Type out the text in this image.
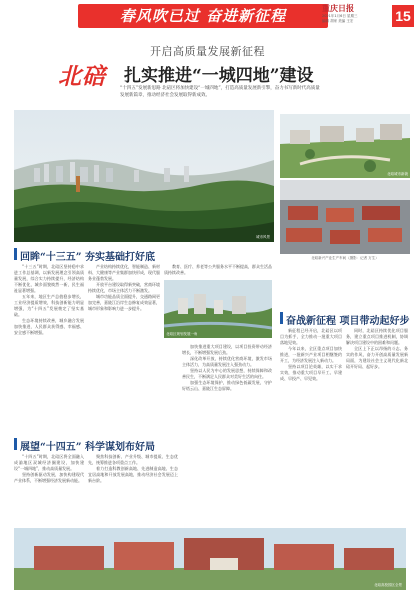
春风吹已过 奋进新征程	重庆日报
2021年1月6日 星期三
编辑 胡家 美编 王宏	15
开启高质量发展新征程
北碚 扎实推进“一城四地”建设
“十四五”发展新思路 北碚区将加快建设“一城四地”，打造高质量发展新引擎，奋力书写新时代高质量发展新篇章，推动经济社会发展取得新成效。
城市风景
北碚城市新貌
北碚新兴产业生产车间（摄影：记者 万生）
回眸“十三五” 夯实基础打好底

“十三五”时期，北碚区坚持稳中求进工作总基调，以新发展理念引领高质量发展，综合实力持续提升，经济结构不断优化，城乡面貌焕然一新，民生福祉显著增强。

五年来，地区生产总值稳步增长，工业经济提质增效，科技创新能力明显增强，为“十四五”发展奠定了坚实基础。

生态环境持续改善，城乡融合发展加快推进，人民群众获得感、幸福感、安全感不断增强。

产业结构持续优化，智能制造、新材料、大健康等产业集群加快形成，现代服务业蓬勃发展。

开放平台建设取得新突破，营商环境持续优化，市场主体活力不断激发。

城市功能品质全面提升，交通路网更加完善，嘉陵江沿岸生态修复成效显著，城市形象和影响力进一步提升。

教育、医疗、养老等公共服务水平不断提高，群众生活品质持续改善。

北碚区规划发展一角
展望“十四五” 科学谋划布好局

“十四五”时期，北碚区将全面融入成渝地区双城经济圈建设，加快建设“一城四地”，推动高质量发展。

坚持创新驱动发展，加快构建现代产业体系，不断增强经济发展新动能。

聚焦科技创新、产业升级、城市提质、生态优先，统筹推进各项重点工作。

着力打造科教创新高地、先进制造高地、生态宜居高地和开放发展高地，推动经济社会发展迈上新台阶。

加快推进重大项目建设，以项目投资带动经济增长，不断增强发展后劲。

深化改革开放，持续优化营商环境，激发市场主体活力，为高质量发展注入强劲动力。

坚持以人民为中心的发展思想，持续保障和改善民生，不断满足人民群众对美好生活的向往。

加强生态环境保护，推动绿色低碳发展，守护好缙云山、嘉陵江生态屏障。

奋战新征程 项目带动起好步

新征程已经开启，北碚区以项目为抓手，全力推动一批重大项目落地见效。

今年以来，全区重点项目加快推进，一批新兴产业项目相继签约开工，为经济发展注入新动力。

坚持以项目论英雄，以实干求实效，推动重大项目早开工、早建成、早投产、早见效。

同时，北碚区持续优化项目服务，建立重点项目推进机制，协调解决项目建设中的困难和问题。

全区上下正以昂扬的斗志、务实的作风，奋力开创高质量发展新局面，为建设社会主义现代化新北碚开好局、起好步。

北碚高校园区全景
